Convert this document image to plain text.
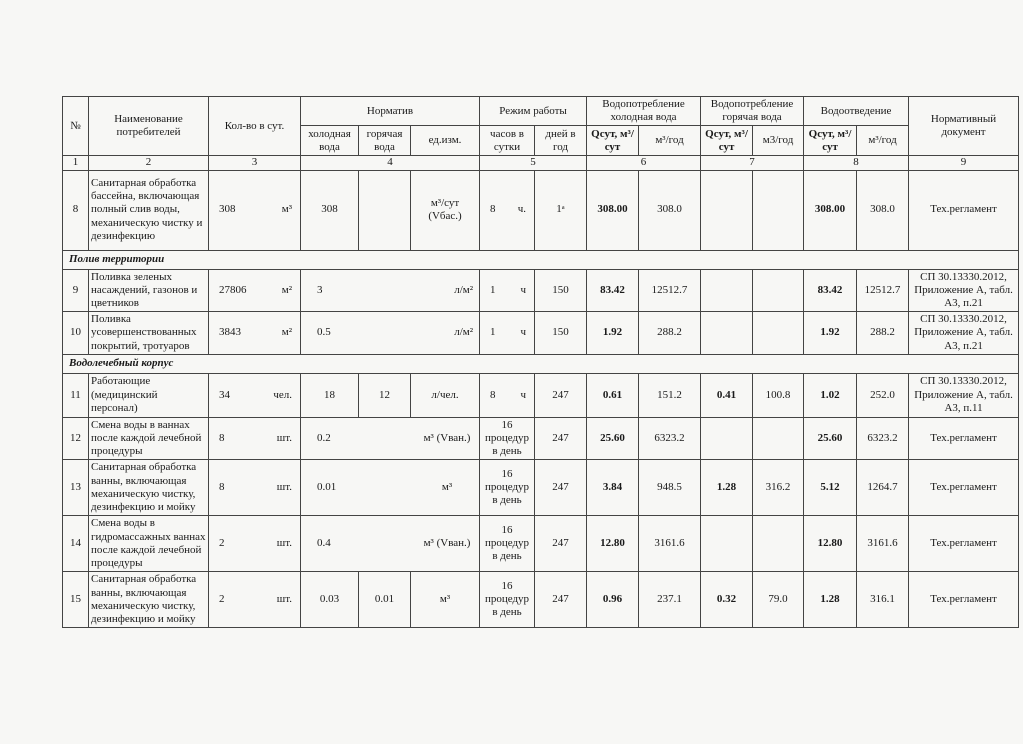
№	Наименование потребителей	Кол-во в сут.	Норматив			Режим работы		Водопотребление холодная вода		Водопотребление горячая вода		Водоотведение		Нормативный документ
			холодная вода	горячая вода	ед.изм.	часов в сутки	дней в год	Qсут, м³/сут	м³/год	Qсут, м³/сут	м3/год	Qсут, м³/сут	м³/год	
1	2	3	4			5		6		7		8		9
8	Санитарная обработка бассейна, включающая полный слив воды, механическую чистку и дезинфекцию	308 м³	308		м³/сут (Vбас.)	8 ч.	1ᵃ	308.00	308.0			308.00	308.0	Тех.регламент
Полив территории														
9	Поливка зеленых насаждений, газонов и цветников	27806 м²	3 л/м²			1 ч	150	83.42	12512.7			83.42	12512.7	СП 30.13330.2012, Приложение А, табл. А3, п.21
10	Поливка усовершенствованных покрытий, тротуаров	3843 м²	0.5 л/м²			1 ч	150	1.92	288.2			1.92	288.2	СП 30.13330.2012, Приложение А, табл. А3, п.21
Водолечебный корпус														
11	Работающие (медицинский персонал)	34 чел.	18	12	л/чел.	8 ч	247	0.61	151.2	0.41	100.8	1.02	252.0	СП 30.13330.2012, Приложение А, табл. А3, п.11
12	Смена воды в ваннах после каждой лечебной процедуры	8 шт.	0.2 м³ (Vван.)			16 процедур в день	247	25.60	6323.2			25.60	6323.2	Тех.регламент
13	Санитарная обработка ванны, включающая механическую чистку, дезинфекцию и мойку	8 шт.	0.01 м³			16 процедур в день	247	3.84	948.5	1.28	316.2	5.12	1264.7	Тех.регламент
14	Смена воды в гидромассажных ваннах после каждой лечебной процедуры	2 шт.	0.4 м³ (Vван.)			16 процедур в день	247	12.80	3161.6			12.80	3161.6	Тех.регламент
15	Санитарная обработка ванны, включающая механическую чистку, дезинфекцию и мойку	2 шт.	0.03	0.01	м³	16 процедур в день	247	0.96	237.1	0.32	79.0	1.28	316.1	Тех.регламент
